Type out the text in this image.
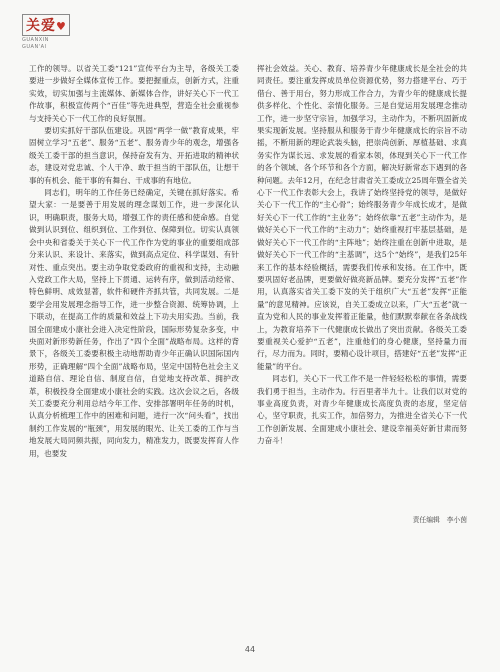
关爱♥
GUANXIN
GUAN'AI

工作的领导。以省关工委“121”宣传平台为主导，各级关工委要进一步做好全媒体宣传工作。要把握重点，创新方式，注重实效，切实加强与主流媒体、新媒体合作，讲好关心下一代工作故事，积极宣传两个“百佳”等先进典型，营造全社会重视参与支持关心下一代工作的良好氛围。

要切实抓好干部队伍建设。巩固“两学一做”教育成果，牢固树立学习“五老”、服务“五老”、服务青少年的观念，增强各级关工委干部的担当意识，保持奋发有为、开拓进取的精神状态，建设对党忠诚、个人干净、敢于担当的干部队伍，让想干事的有机会、能干事的有舞台、干成事的有地位。

同志们，明年的工作任务已经确定，关键在抓好落实。希望大家：一是要善于用发展的理念谋划工作，进一步深化认识，明确职责，服务大局，增强工作的责任感和使命感。自觉做到认识到位、组织到位、工作到位、保障到位。切实认真领会中央和省委关于关心下一代工作作为党的事业的重要组成部分来认识、来设计、来落实，做到高点定位、科学谋划、有针对性、重点突出。要主动争取党委政府的重视和支持，主动融入党政工作大局，坚持上下贯通、运转有序，做到活动经常、特色鲜明、成效显著，软件和硬件齐抓共管，共同发展。二是要学会用发展理念指导工作，进一步整合资源、统筹协调，上下联动，在提高工作的质量和效益上下功夫用实劲。当前，我国全面建成小康社会进入决定性阶段，国际形势复杂多变，中央面对新形势新任务，作出了“四个全面”战略布局。这样的背景下，各级关工委要积极主动地帮助青少年正确认识国际国内形势，正确理解“四个全面”战略布局，坚定中国特色社会主义道路自信、理论自信、制度自信，自觉地支持改革、拥护改革，积极投身全面建成小康社会的实践。这次会议之后，各级关工委要充分利用总结今年工作、安排部署明年任务的时机，认真分析梳理工作中的困难和问题，进行一次“问头看”，找出制约工作发展的“瓶颈”，用发展的眼光、让关工委的工作与当地发展大局同频共振，同向发力，精准发力，既要发挥育人作用，也要发

挥社会效益。关心、教育、培养青少年健康成长是全社会的共同责任。要注重发挥成员单位资源优势，努力搭建平台、巧于借台、善于用台，努力形成工作合力，为青少年的健康成长提供多样化、个性化、亲情化服务。三是自觉运用发展理念推动工作，进一步坚守宗旨，加强学习，主动作为，不断巩固新成果实现新发展。坚持服从和服务于青少年健康成长的宗旨不动摇，不断用新的理论武装头脑，把崇尚创新、厚植基础、求真务实作为谋长远、求发展的看家本领，体现到关心下一代工作的各个领域、各个环节和各个方面，解决好新常态下遇到的各种问题。去年12月，在纪念甘肃省关工委成立25周年暨全省关心下一代工作表彰大会上，我讲了始终坚持党的领导，是做好关心下一代工作的“主心骨”；始终服务青少年成长成才，是做好关心下一代工作的“主业务”；始终依靠“五老”主动作为，是做好关心下一代工作的“主动力”；始终重视打牢基层基础，是做好关心下一代工作的“主阵地”；始终注重在创新中进取，是做好关心下一代工作的“主基调”，这5个“始终”，是我们25年来工作的基本经验概括，需要我们传承和发扬。在工作中，既要巩固好老品牌，更要做好做亮新品牌。要充分发挥“五老”作用，认真落实省关工委下发的关于组织广大“五老”发挥“正能量”的意见精神。应该说，自关工委成立以来，广大“五老”就一直为党和人民的事业发挥着正能量，他们默默奉献在各条战线上，为教育培养下一代健康成长做出了突出贡献。各级关工委要重视关心爱护“五老”，注重他们的身心健康，坚持量力而行，尽力而为。同时，要精心设计项目，搭建好“五老”发挥“正能量”的平台。

同志们，关心下一代工作不是一件轻轻松松的事情，需要我们勇于担当，主动作为。行百里者半九十。让我们以对党的事业高度负责，对青少年健康成长高度负责的态度，坚定信心，坚守职责，扎实工作，加倍努力，为推进全省关心下一代工作创新发展、全面建成小康社会、建设幸福美好新甘肃而努力奋斗！

责任编辑　李小茵
44
